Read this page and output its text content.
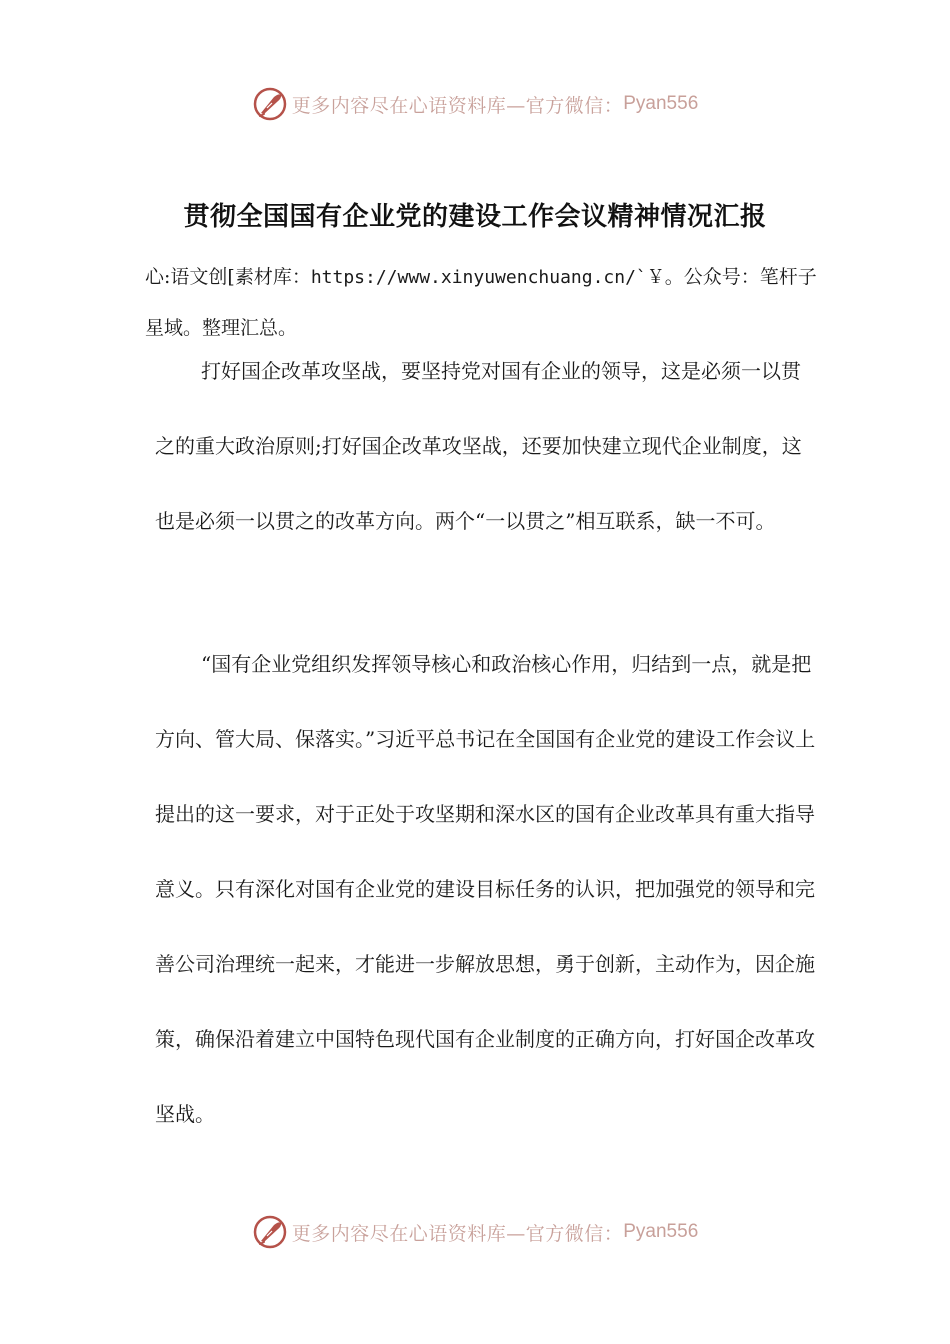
更多内容尽在心语资料库—官方微信： Pyan556
贯彻全国国有企业党的建设工作会议精神情况汇报

心:语文创[素材库：https://www.xinyuwenchuang.cn/`￥。公众号：笔杆子星域。整理汇总。

打好国企改革攻坚战，要坚持党对国有企业的领导，这是必须一以贯之的重大政治原则;打好国企改革攻坚战，还要加快建立现代企业制度，这也是必须一以贯之的改革方向。两个“一以贯之”相互联系，缺一不可。

“国有企业党组织发挥领导核心和政治核心作用，归结到一点，就是把方向、管大局、保落实。”习近平总书记在全国国有企业党的建设工作会议上提出的这一要求，对于正处于攻坚期和深水区的国有企业改革具有重大指导意义。只有深化对国有企业党的建设目标任务的认识，把加强党的领导和完善公司治理统一起来，才能进一步解放思想，勇于创新，主动作为，因企施策，确保沿着建立中国特色现代国有企业制度的正确方向，打好国企改革攻坚战。

更多内容尽在心语资料库—官方微信： Pyan556
